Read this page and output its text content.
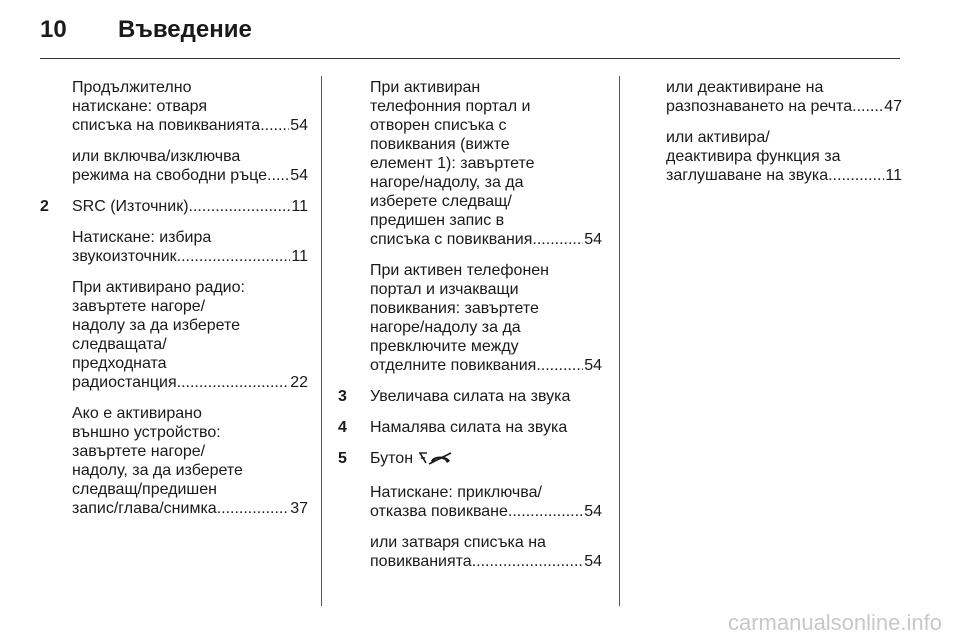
10 Въведение
Продължително
натискане: отваря
списъка на повикванията ..... 54
или включва/изключва
режима на свободни ръце ..... 54
2 SRC (Източник) .....	11
Натискане: избира
звукоизточник .....	11
При активирано радио:
завъртете нагоре/
надолу за да изберете
следващата/
предходната
радиостанция .....	22
Ако е активирано
външно устройство:
завъртете нагоре/
надолу, за да изберете
следващ/предишен
запис/глава/снимка .....	37
При активиран
телефонния портал и
отворен списъка с
повиквания (вижте
елемент 1): завъртете
нагоре/надолу, за да
изберете следващ/
предишен запис в
списъка с повиквания .....	54
При активен телефонен
портал и изчакващи
повиквания: завъртете
нагоре/надолу за да
превключите между
отделните повиквания .....	54
3 Увеличава силата на звука
4 Намалява силата на звука
5 Бутон
Натискане: приключва/
отказва повикване .....	54
или затваря списъка на
повикванията .....	54
или деактивиране на
разпознаването на речта ..... 47
или активира/
деактивира функция за
заглушаване на звука .....	11
carmanualsonline.info
